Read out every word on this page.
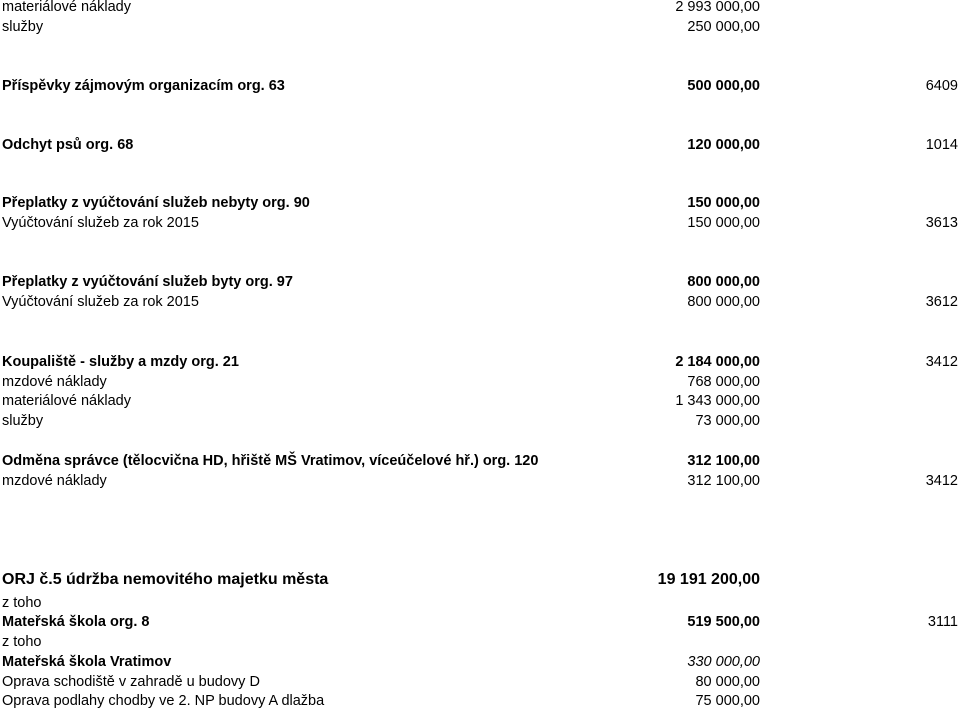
materiálové náklady	2 993 000,00
služby	250 000,00
Příspěvky zájmovým organizacím org. 63	500 000,00	6409
Odchyt psů org. 68	120 000,00	1014
Přeplatky z vyúčtování služeb nebyty org. 90	150 000,00
Vyúčtování služeb za rok 2015	150 000,00	3613
Přeplatky z vyúčtování služeb byty org. 97	800 000,00
Vyúčtování služeb za rok 2015	800 000,00	3612
Koupaliště - služby a mzdy org. 21	2 184 000,00	3412
mzdové náklady	768 000,00
materiálové náklady	1 343 000,00
služby	73 000,00
Odměna správce (tělocvična HD, hřiště MŠ Vratimov, víceúčelové hř.) org. 120	312 100,00
mzdové náklady	312 100,00	3412
ORJ č.5 údržba nemovitého majetku města	19 191 200,00
z toho
Mateřská škola org. 8	519 500,00	3111
z toho
Mateřská škola Vratimov	330 000,00
Oprava schodiště v zahradě u budovy D	80 000,00
Oprava podlahy chodby ve 2. NP budovy A dlažba	75 000,00
